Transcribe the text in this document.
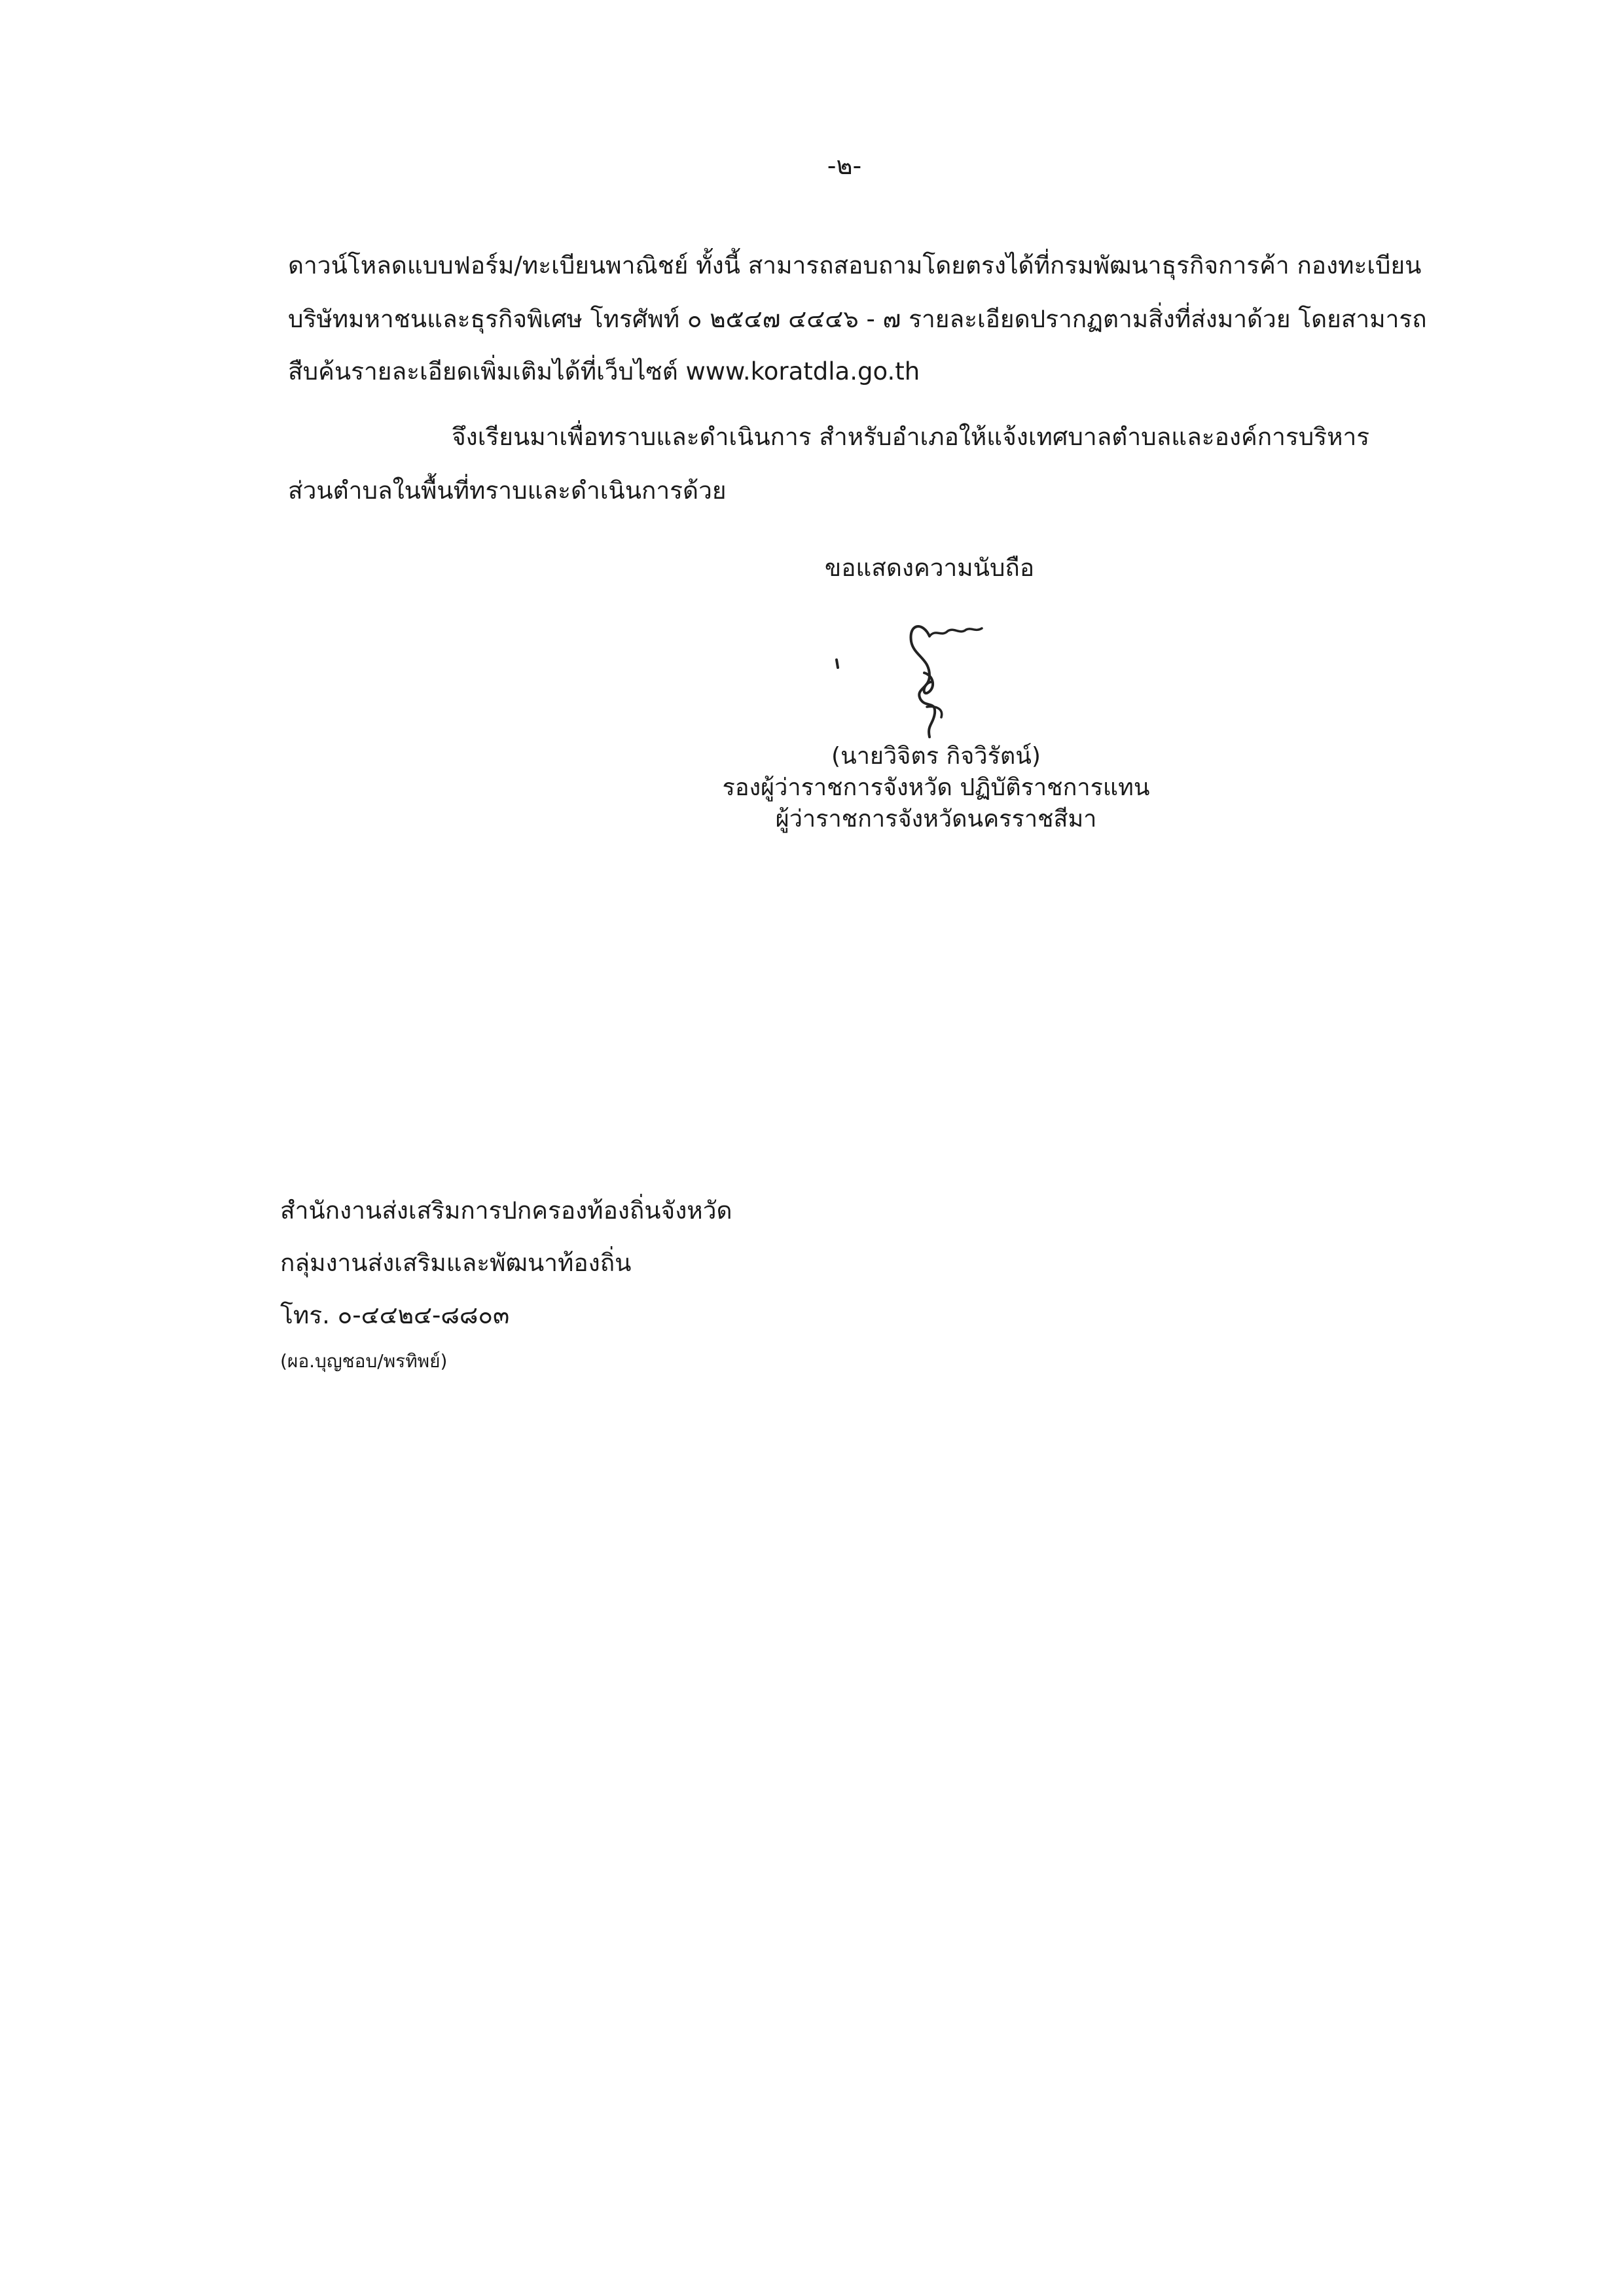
-๒-
ดาวน์โหลดแบบฟอร์ม/ทะเบียนพาณิชย์ ทั้งนี้ สามารถสอบถามโดยตรงได้ที่กรมพัฒนาธุรกิจการค้า กองทะเบียน
บริษัทมหาชนและธุรกิจพิเศษ โทรศัพท์ ๐ ๒๕๔๗ ๔๔๔๖ - ๗ รายละเอียดปรากฏตามสิ่งที่ส่งมาด้วย โดยสามารถ
สืบค้นรายละเอียดเพิ่มเติมได้ที่เว็บไซต์ www.koratdla.go.th
จึงเรียนมาเพื่อทราบและดำเนินการ สำหรับอำเภอให้แจ้งเทศบาลตำบลและองค์การบริหาร
ส่วนตำบลในพื้นที่ทราบและดำเนินการด้วย
ขอแสดงความนับถือ
(นายวิจิตร กิจวิรัตน์)
รองผู้ว่าราชการจังหวัด ปฏิบัติราชการแทน
ผู้ว่าราชการจังหวัดนครราชสีมา
สำนักงานส่งเสริมการปกครองท้องถิ่นจังหวัด
กลุ่มงานส่งเสริมและพัฒนาท้องถิ่น
โทร. ๐-๔๔๒๔-๘๘๐๓
(ผอ.บุญชอบ/พรทิพย์)
